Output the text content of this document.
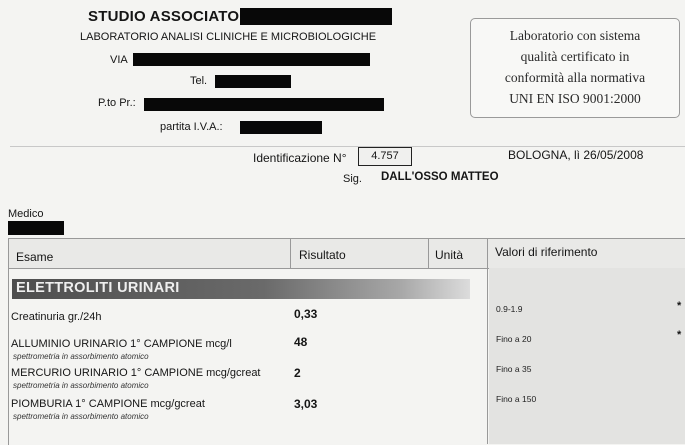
STUDIO ASSOCIATO
LABORATORIO ANALISI CLINICHE E MICROBIOLOGICHE
VIA
Tel.
P.to Pr.:
partita I.V.A.:
Laboratorio con sistema
qualità certificato in
conformità alla normativa
UNI EN ISO 9001:2000
Identificazione N°	4.757	BOLOGNA, lì 26/05/2008
Sig. DALL'OSSO MATTEO
Medico
Esame	Risultato	Unità	Valori di riferimento
ELETTROLITI URINARI
Creatinuria gr./24h	0,33	0.9-1.9	*
ALLUMINIO URINARIO 1° CAMPIONE mcg/l
spettrometria in assorbimento atomico
48	Fino a 20	*
MERCURIO URINARIO 1° CAMPIONE mcg/gcreat
spettrometria in assorbimento atomico
2	Fino a 35
PIOMBURIA 1° CAMPIONE mcg/gcreat
spettrometria in assorbimento atomico
3,03	Fino a 150
